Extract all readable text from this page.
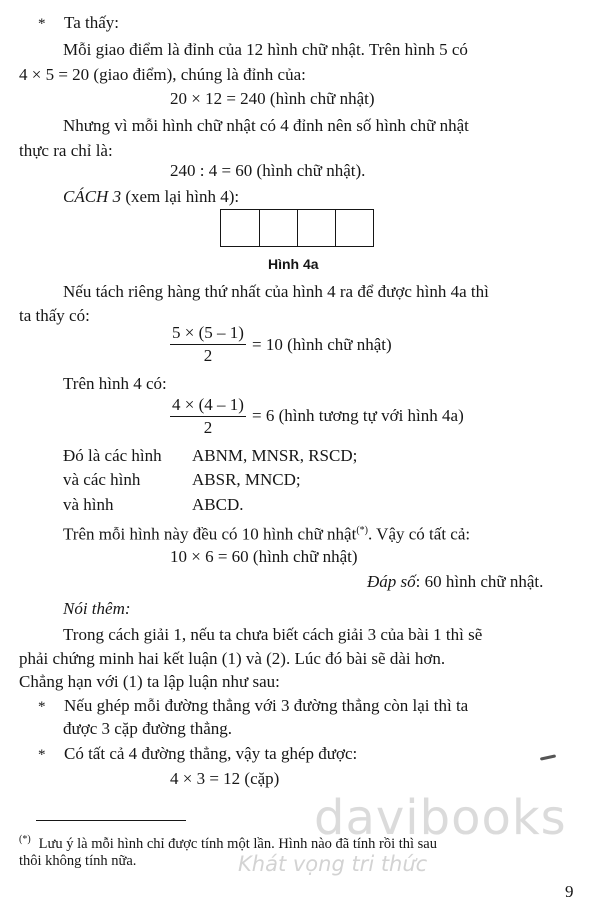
* Ta thấy:
Mỗi giao điểm là đỉnh của 12 hình chữ nhật. Trên hình 5 có
4 × 5 = 20 (giao điểm), chúng là đỉnh của:
20 × 12 = 240 (hình chữ nhật)
Nhưng vì mỗi hình chữ nhật có 4 đỉnh nên số hình chữ nhật
thực ra chỉ là:
240 : 4 = 60 (hình chữ nhật).
CÁCH 3 (xem lại hình 4):
Hình 4a
Nếu tách riêng hàng thứ nhất của hình 4 ra để được hình 4a thì
ta thấy có:
5 × (5 – 1)
2
= 10 (hình chữ nhật)
Trên hình 4 có:
4 × (4 – 1)
2
= 6 (hình tương tự với hình 4a)
Đó là các hình ABNM, MNSR, RSCD;
và các hình	ABSR, MNCD;
và hình	ABCD.
Trên mỗi hình này đều có 10 hình chữ nhật(*). Vậy có tất cả:
10 × 6 = 60 (hình chữ nhật)
Đáp số: 60 hình chữ nhật.
Nói thêm:
Trong cách giải 1, nếu ta chưa biết cách giải 3 của bài 1 thì sẽ
phải chứng minh hai kết luận (1) và (2). Lúc đó bài sẽ dài hơn.
Chẳng hạn với (1) ta lập luận như sau:
* Nếu ghép mỗi đường thẳng với 3 đường thẳng còn lại thì ta
được 3 cặp đường thẳng.
* Có tất cả 4 đường thẳng, vậy ta ghép được:
4 × 3 = 12 (cặp)
davibooks
(*) Lưu ý là mỗi hình chỉ được tính một lần. Hình nào đã tính rồi thì sau
thôi không tính nữa.	Khát vọng tri thức
9
